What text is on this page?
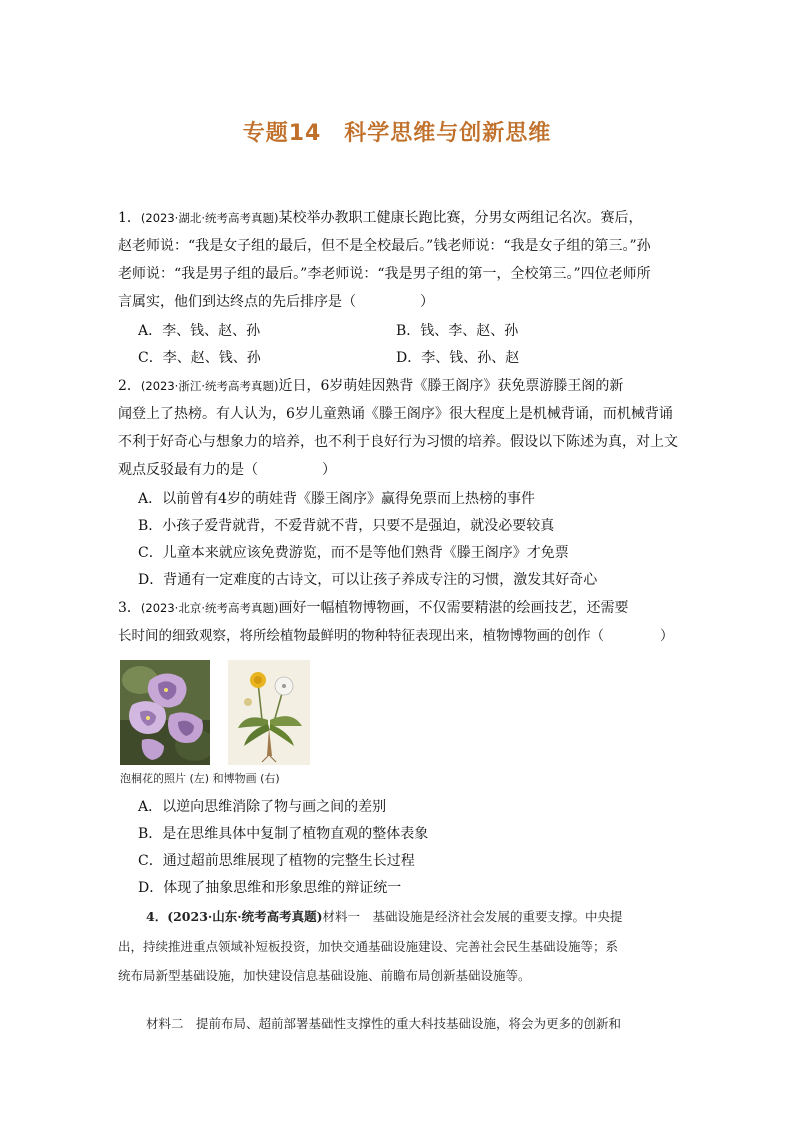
专题14　科学思维与创新思维

1．(2023·湖北·统考高考真题)某校举办教职工健康长跑比赛，分男女两组记名次。赛后，

赵老师说：“我是女子组的最后，但不是全校最后。”钱老师说：“我是女子组的第三。”孙

老师说：“我是男子组的最后。”李老师说：“我是男子组的第一，全校第三。”四位老师所

言属实，他们到达终点的先后排序是（	）

A．李、钱、赵、孙	B．钱、李、赵、孙
C．李、赵、钱、孙	D．李、钱、孙、赵

2．(2023·浙江·统考高考真题)近日，6岁萌娃因熟背《滕王阁序》获免票游滕王阁的新

闻登上了热榜。有人认为，6岁儿童熟诵《滕王阁序》很大程度上是机械背诵，而机械背诵

不利于好奇心与想象力的培养，也不利于良好行为习惯的培养。假设以下陈述为真，对上文

观点反驳最有力的是（	）

A．以前曾有4岁的萌娃背《滕王阁序》赢得免票而上热榜的事件
B．小孩子爱背就背，不爱背就不背，只要不是强迫，就没必要较真
C．儿童本来就应该免费游览，而不是等他们熟背《滕王阁序》才免票
D．背通有一定难度的古诗文，可以让孩子养成专注的习惯，激发其好奇心

3．(2023·北京·统考高考真题)画好一幅植物博物画，不仅需要精湛的绘画技艺，还需要

长时间的细致观察，将所绘植物最鲜明的物种特征表现出来，植物博物画的创作（	）

泡桐花的照片 (左) 和博物画 (右)
A．以逆向思维消除了物与画之间的差别
B．是在思维具体中复制了植物直观的整体表象
C．通过超前思维展现了植物的完整生长过程
D．体现了抽象思维和形象思维的辩证统一

4．(2023·山东·统考高考真题)材料一　基础设施是经济社会发展的重要支撑。中央提

出，持续推进重点领域补短板投资，加快交通基础设施建设、完善社会民生基础设施等；系

统布局新型基础设施，加快建设信息基础设施、前瞻布局创新基础设施等。

材料二　提前布局、超前部署基础性支撑性的重大科技基础设施，将会为更多的创新和
